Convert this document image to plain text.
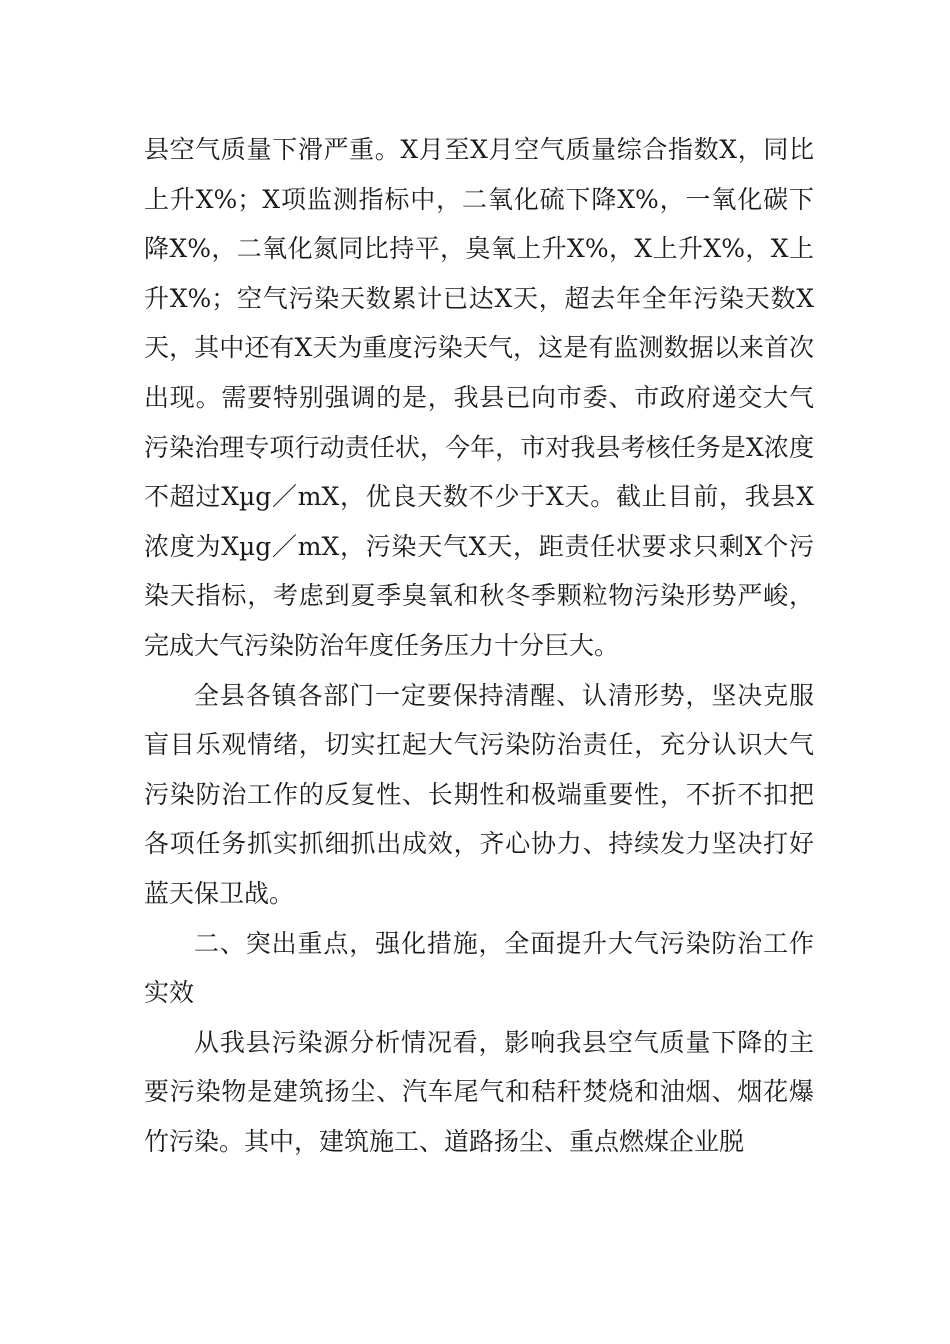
县空气质量下滑严重。X月至X月空气质量综合指数X，同比上升X%；X项监测指标中，二氧化硫下降X%，一氧化碳下降X%，二氧化氮同比持平，臭氧上升X%，X上升X%，X上升X%；空气污染天数累计已达X天，超去年全年污染天数X天，其中还有X天为重度污染天气，这是有监测数据以来首次出现。需要特别强调的是，我县已向市委、市政府递交大气污染治理专项行动责任状，今年，市对我县考核任务是X浓度不超过Xµg／mX，优良天数不少于X天。截止目前，我县X浓度为Xµg／mX，污染天气X天，距责任状要求只剩X个污染天指标，考虑到夏季臭氧和秋冬季颗粒物污染形势严峻，完成大气污染防治年度任务压力十分巨大。

全县各镇各部门一定要保持清醒、认清形势，坚决克服盲目乐观情绪，切实扛起大气污染防治责任，充分认识大气污染防治工作的反复性、长期性和极端重要性，不折不扣把各项任务抓实抓细抓出成效，齐心协力、持续发力坚决打好蓝天保卫战。

二、突出重点，强化措施，全面提升大气污染防治工作实效

从我县污染源分析情况看，影响我县空气质量下降的主要污染物是建筑扬尘、汽车尾气和秸秆焚烧和油烟、烟花爆竹污染。其中，建筑施工、道路扬尘、重点燃煤企业脱
